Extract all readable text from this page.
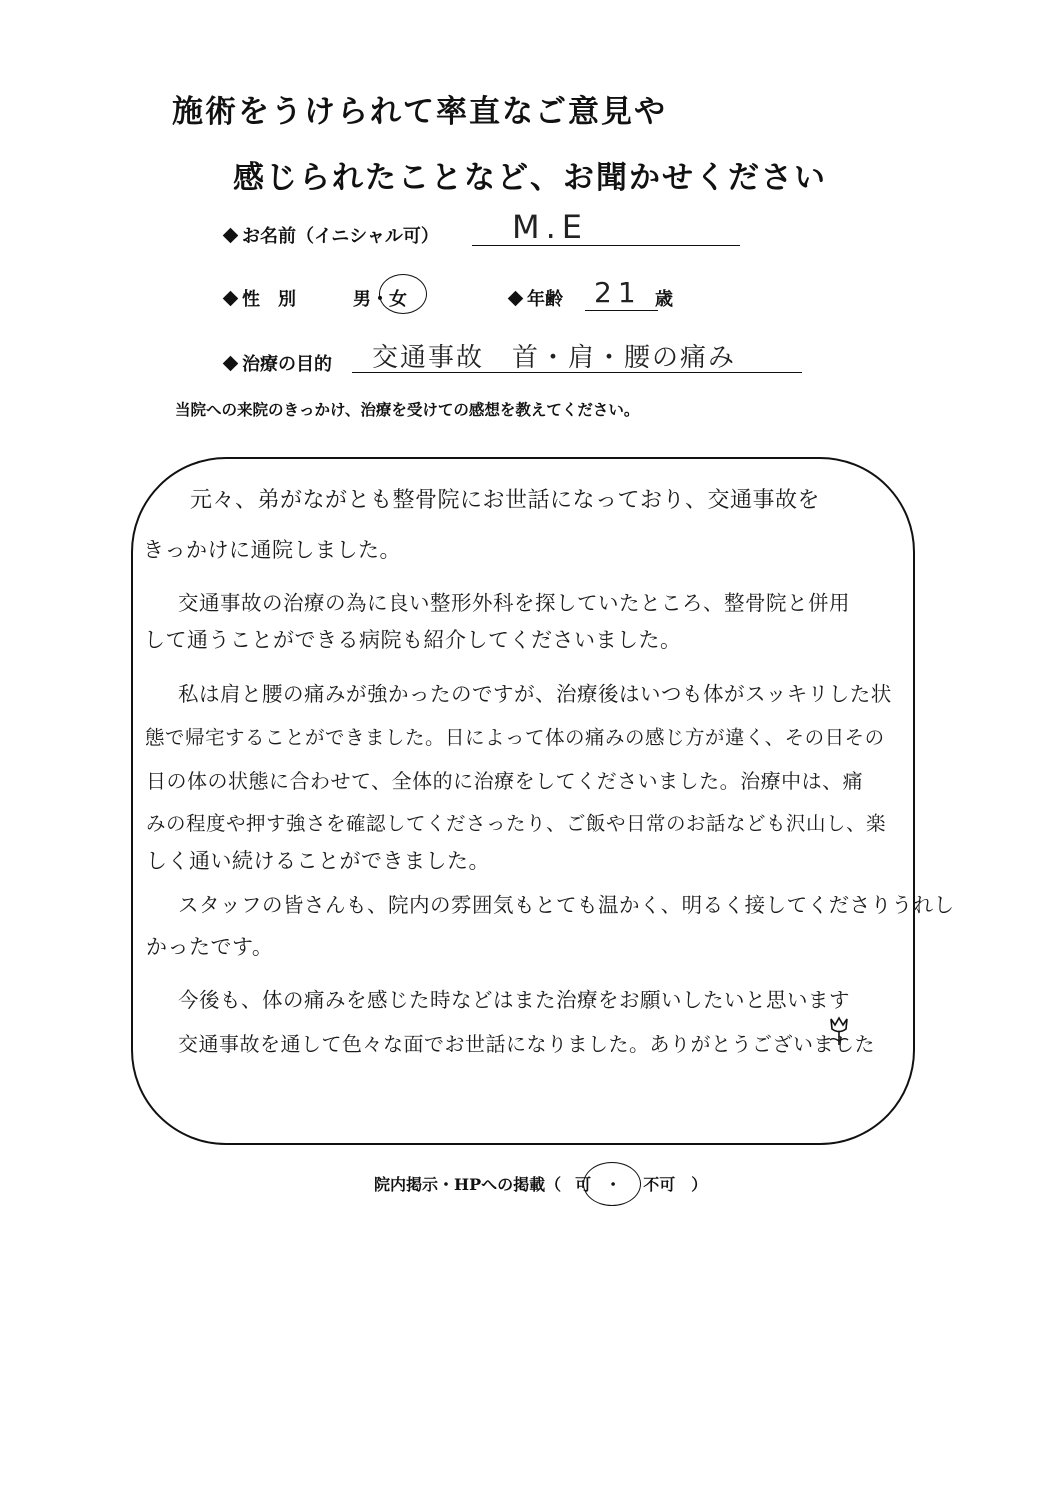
施術をうけられて率直なご意見や
感じられたことなど、お聞かせください
お名前（イニシャル可） M.E
性　別	男・女	年齢 21 歳
治療の目的 交通事故　首・肩・腰の痛み
当院への来院のきっかけ、治療を受けての感想を教えてください。
元々、弟がながとも整骨院にお世話になっており、交通事故を
きっかけに通院しました。
交通事故の治療の為に良い整形外科を探していたところ、整骨院と併用
して通うことができる病院も紹介してくださいました。
私は肩と腰の痛みが強かったのですが、治療後はいつも体がスッキリした状
態で帰宅することができました。日によって体の痛みの感じ方が違く、その日その
日の体の状態に合わせて、全体的に治療をしてくださいました。治療中は、痛
みの程度や押す強さを確認してくださったり、ご飯や日常のお話なども沢山し、楽
しく通い続けることができました。
スタッフの皆さんも、院内の雰囲気もとても温かく、明るく接してくださりうれし
かったです。
今後も、体の痛みを感じた時などはまた治療をお願いしたいと思います
交通事故を通して色々な面でお世話になりました。ありがとうございました
院内掲示・HPへの掲載（ 可 ・ 不可 ）
